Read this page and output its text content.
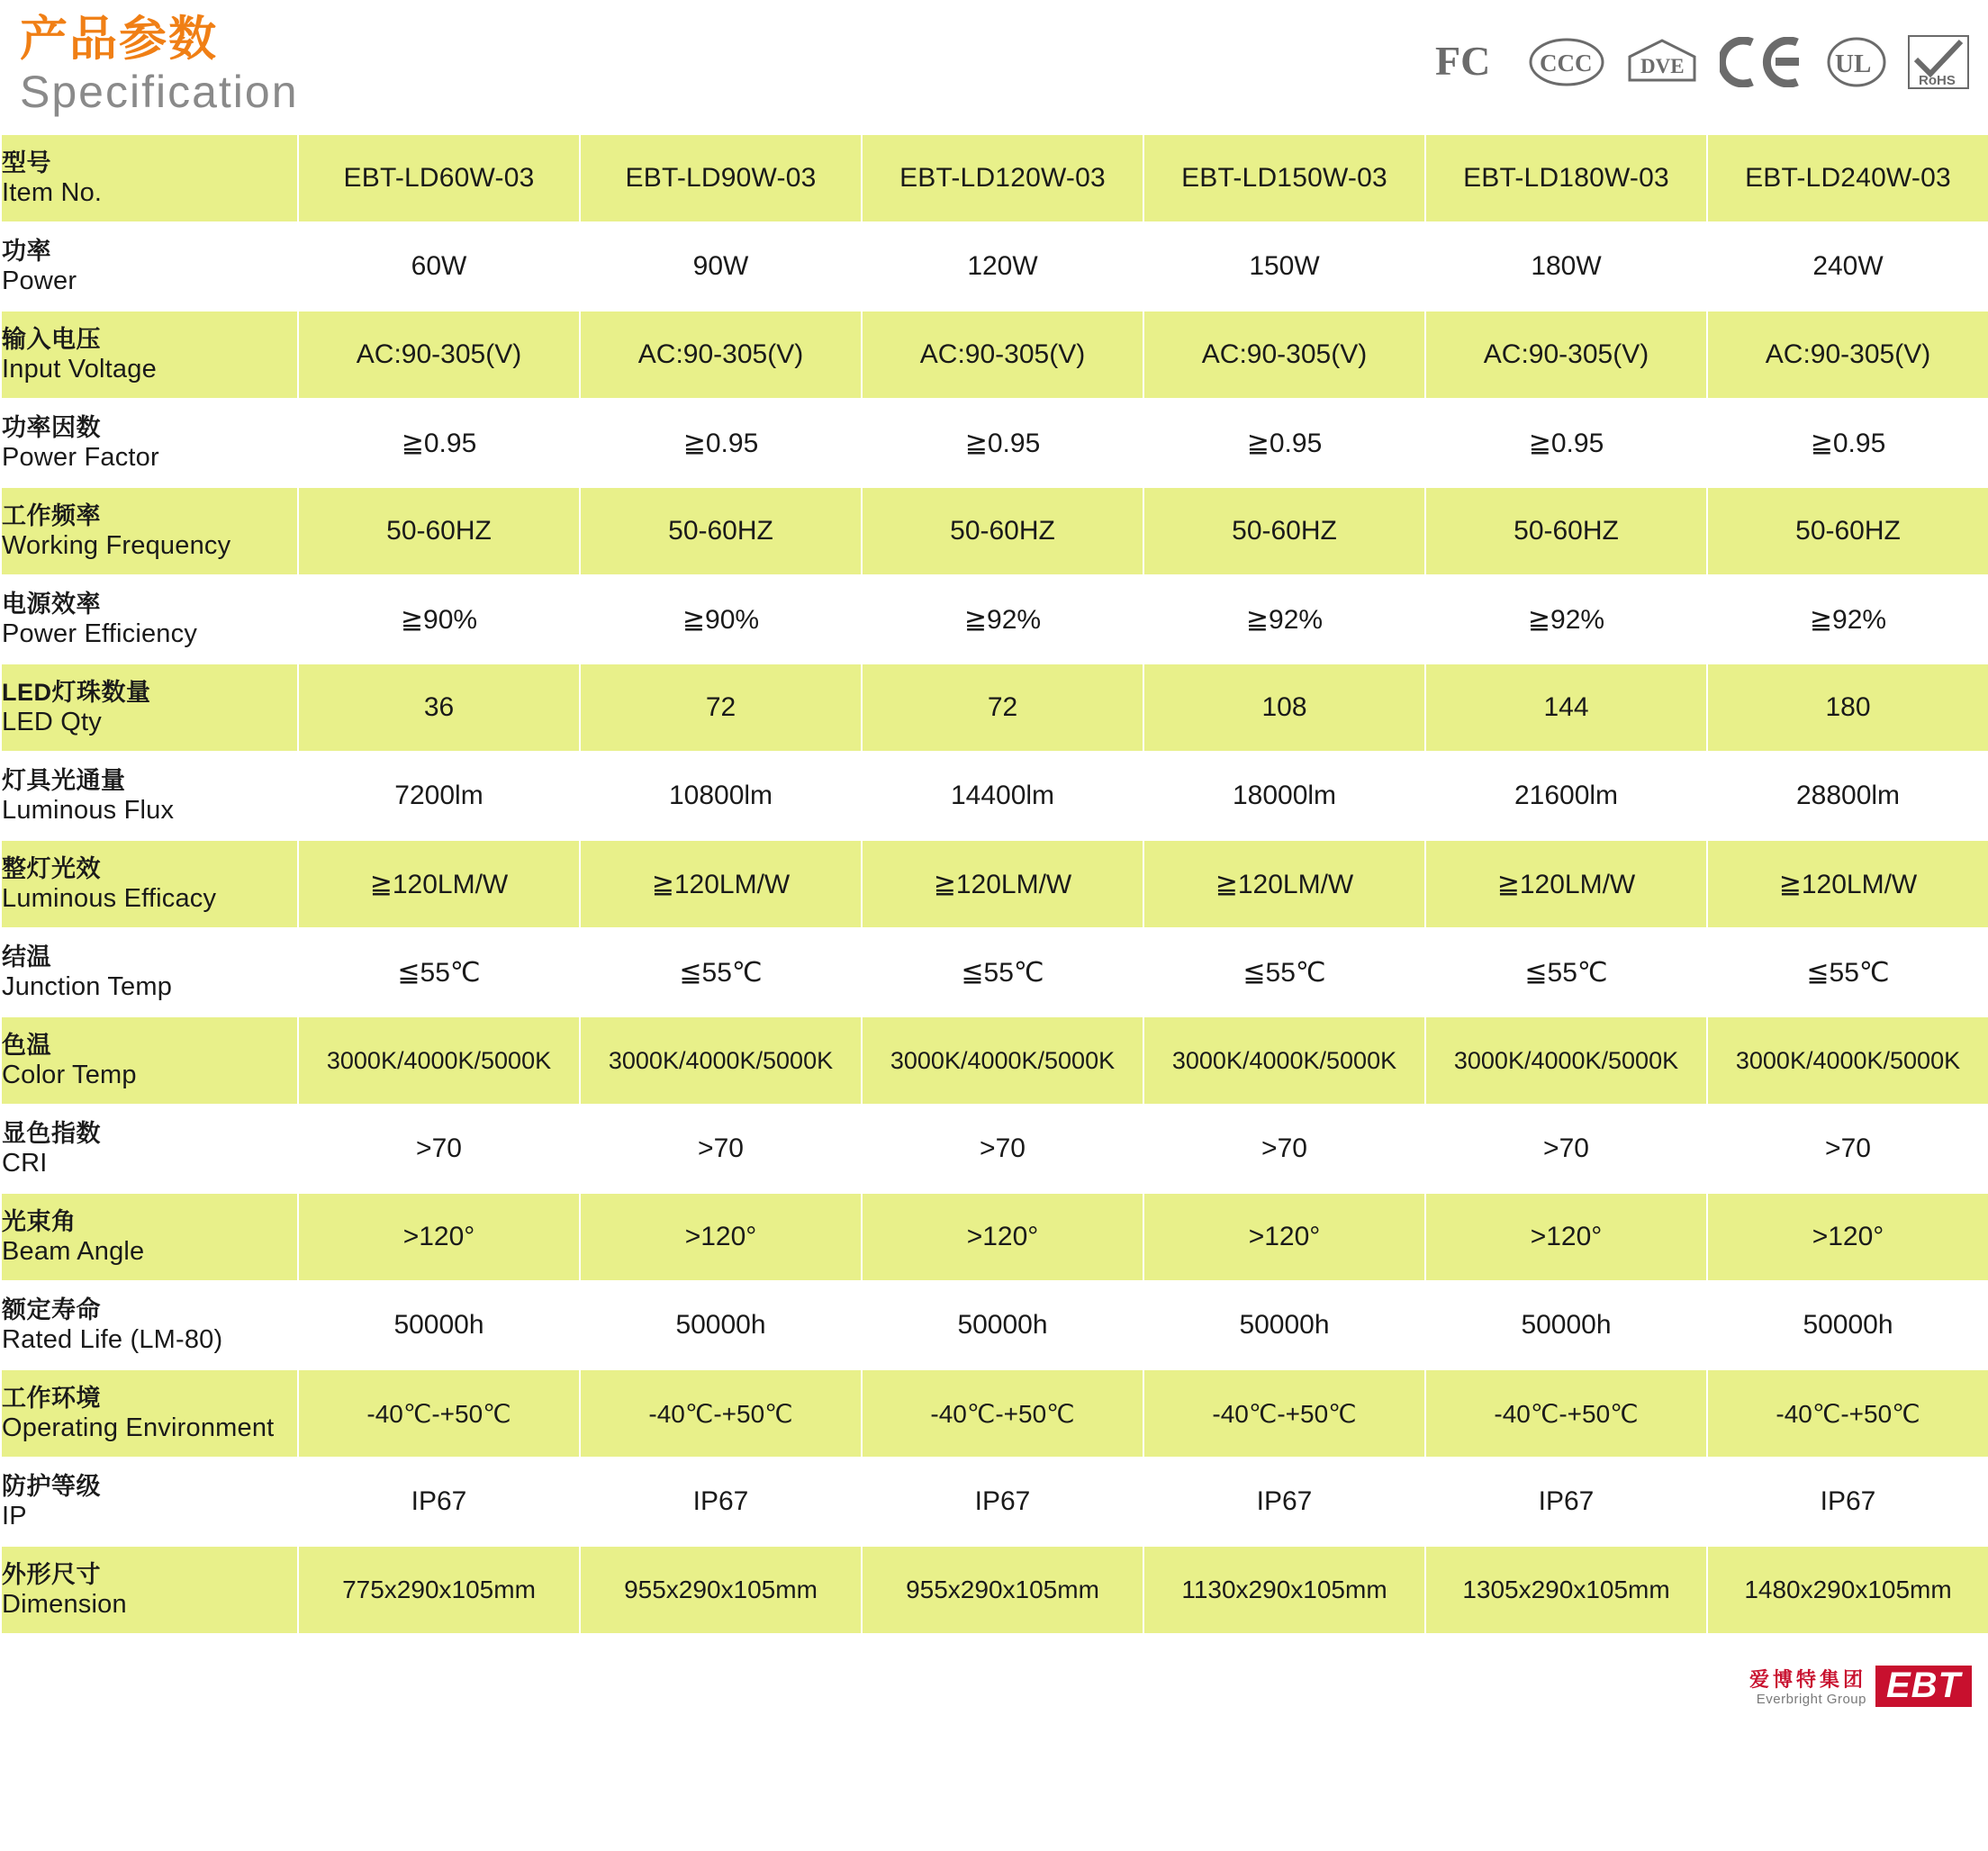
产品参数
Specification
FC CCC DVE	UL
RoHS
型号
Item No.	EBT-LD60W-03	EBT-LD90W-03	EBT-LD120W-03	EBT-LD150W-03	EBT-LD180W-03	EBT-LD240W-03

功率
Power	60W	90W	120W	150W	180W	240W

输入电压
Input Voltage	AC:90-305(V)	AC:90-305(V)	AC:90-305(V)	AC:90-305(V)	AC:90-305(V)	AC:90-305(V)

功率因数
Power Factor	≧0.95	≧0.95	≧0.95	≧0.95	≧0.95	≧0.95

工作频率
Working Frequency	50-60HZ	50-60HZ	50-60HZ	50-60HZ	50-60HZ	50-60HZ

电源效率
Power Efficiency	≧90%	≧90%	≧92%	≧92%	≧92%	≧92%

LED灯珠数量
LED Qty	36	72	72	108	144	180

灯具光通量
Luminous Flux	7200lm	10800lm	14400lm	18000lm	21600lm	28800lm

整灯光效
Luminous Efficacy	≧120LM/W	≧120LM/W	≧120LM/W	≧120LM/W	≧120LM/W	≧120LM/W

结温
Junction Temp	≦55℃	≦55℃	≦55℃	≦55℃	≦55℃	≦55℃

色温
Color Temp	3000K/4000K/5000K	3000K/4000K/5000K	3000K/4000K/5000K	3000K/4000K/5000K	3000K/4000K/5000K	3000K/4000K/5000K

显色指数
CRI	>70	>70	>70	>70	>70	>70

光束角
Beam Angle	>120°	>120°	>120°	>120°	>120°	>120°

额定寿命
Rated Life (LM-80)	50000h	50000h	50000h	50000h	50000h	50000h

工作环境
Operating Environment	-40℃-+50℃	-40℃-+50℃	-40℃-+50℃	-40℃-+50℃	-40℃-+50℃	-40℃-+50℃

防护等级
IP	IP67	IP67	IP67	IP67	IP67	IP67

外形尺寸
Dimension	775x290x105mm	955x290x105mm	955x290x105mm	1130x290x105mm	1305x290x105mm	1480x290x105mm
爱博特集团
Everbright Group EBT
